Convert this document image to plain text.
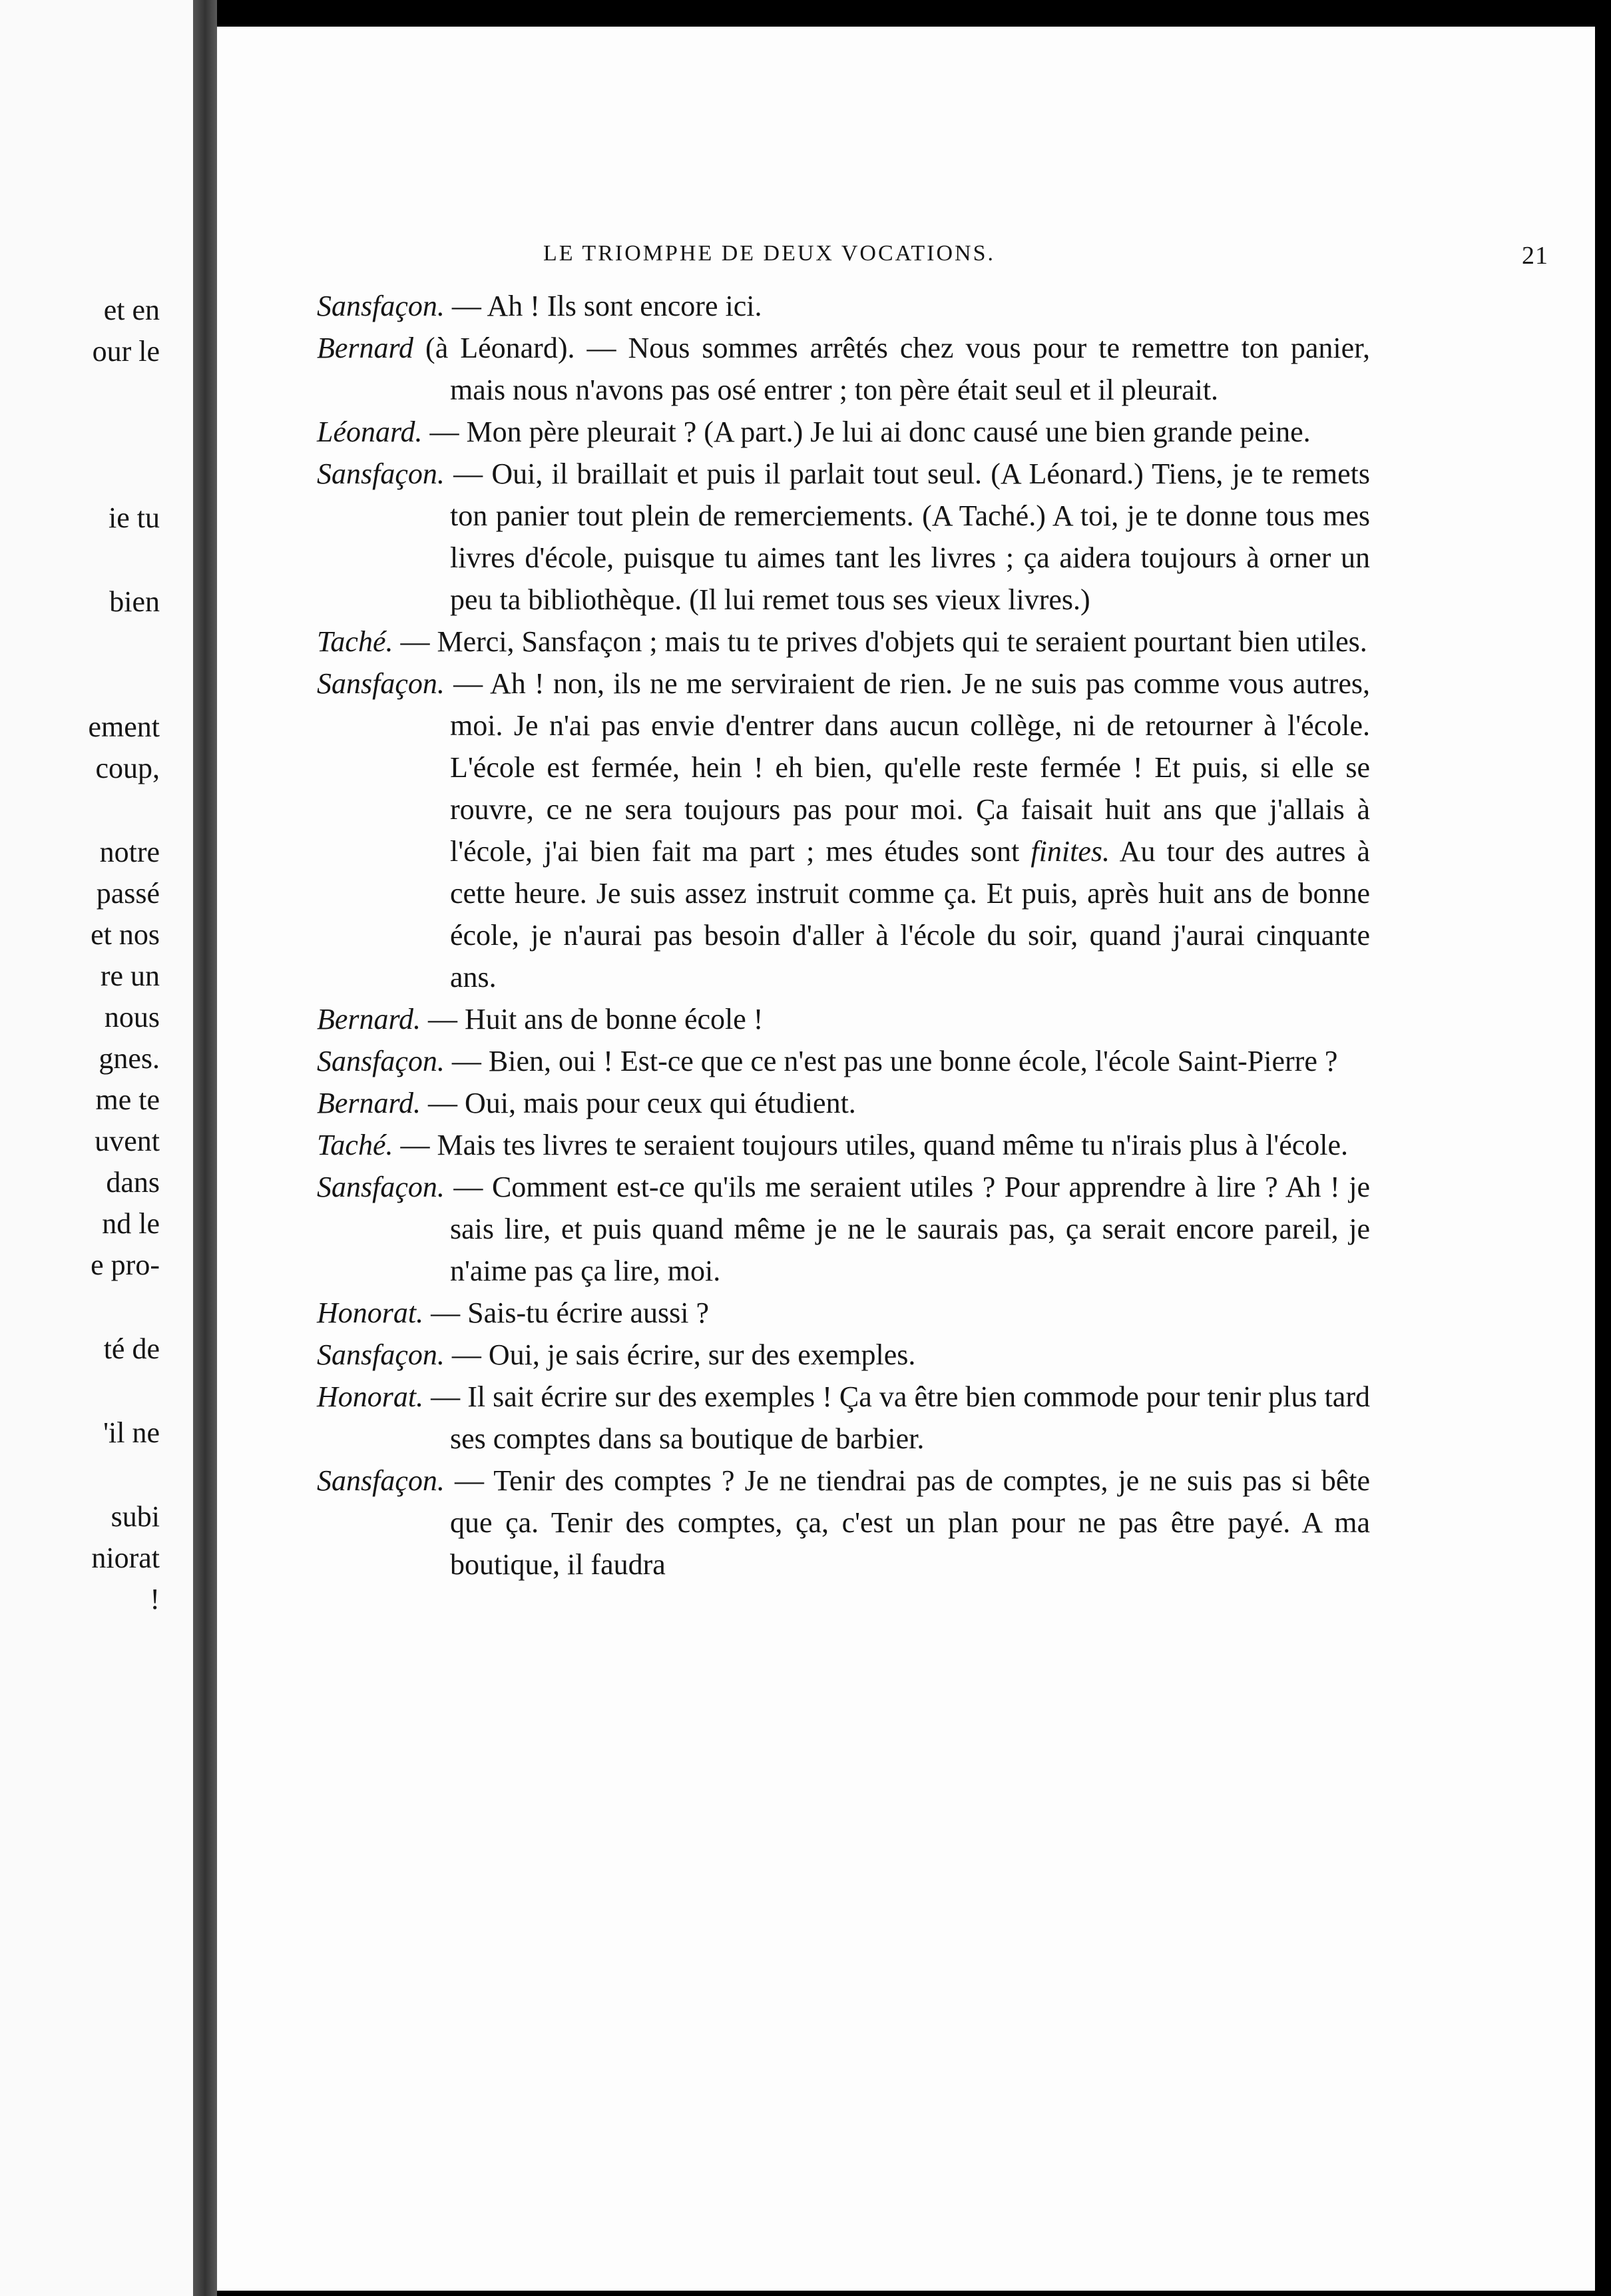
et en
our le
ie tu
bien
ement
coup,
notre
passé
et nos
re un
nous
gnes.
me te
uvent
dans
nd le
e pro-
té de
'il ne
subi
niorat
!
LE TRIOMPHE DE DEUX VOCATIONS.	21
Sansfaçon. — Ah ! Ils sont encore ici.
Bernard (à Léonard). — Nous sommes arrêtés chez vous pour te remettre ton panier, mais nous n'avons pas osé entrer ; ton père était seul et il pleurait.
Léonard. — Mon père pleurait ? (A part.) Je lui ai donc causé une bien grande peine.
Sansfaçon. — Oui, il braillait et puis il parlait tout seul. (A Léonard.) Tiens, je te remets ton panier tout plein de remerciements. (A Taché.) A toi, je te donne tous mes livres d'école, puisque tu aimes tant les livres ; ça aidera toujours à orner un peu ta bibliothèque. (Il lui remet tous ses vieux livres.)
Taché. — Merci, Sansfaçon ; mais tu te prives d'objets qui te seraient pourtant bien utiles.
Sansfaçon. — Ah ! non, ils ne me serviraient de rien. Je ne suis pas comme vous autres, moi. Je n'ai pas envie d'entrer dans aucun collège, ni de retourner à l'école. L'école est fermée, hein ! eh bien, qu'elle reste fermée ! Et puis, si elle se rouvre, ce ne sera toujours pas pour moi. Ça faisait huit ans que j'allais à l'école, j'ai bien fait ma part ; mes études sont finites. Au tour des autres à cette heure. Je suis assez instruit comme ça. Et puis, après huit ans de bonne école, je n'aurai pas besoin d'aller à l'école du soir, quand j'aurai cinquante ans.
Bernard. — Huit ans de bonne école !
Sansfaçon. — Bien, oui ! Est-ce que ce n'est pas une bonne école, l'école Saint-Pierre ?
Bernard. — Oui, mais pour ceux qui étudient.
Taché. — Mais tes livres te seraient toujours utiles, quand même tu n'irais plus à l'école.
Sansfaçon. — Comment est-ce qu'ils me seraient utiles ? Pour apprendre à lire ? Ah ! je sais lire, et puis quand même je ne le saurais pas, ça serait encore pareil, je n'aime pas ça lire, moi.
Honorat. — Sais-tu écrire aussi ?
Sansfaçon. — Oui, je sais écrire, sur des exemples.
Honorat. — Il sait écrire sur des exemples ! Ça va être bien commode pour tenir plus tard ses comptes dans sa boutique de barbier.
Sansfaçon. — Tenir des comptes ? Je ne tiendrai pas de comptes, je ne suis pas si bête que ça. Tenir des comptes, ça, c'est un plan pour ne pas être payé. A ma boutique, il faudra
